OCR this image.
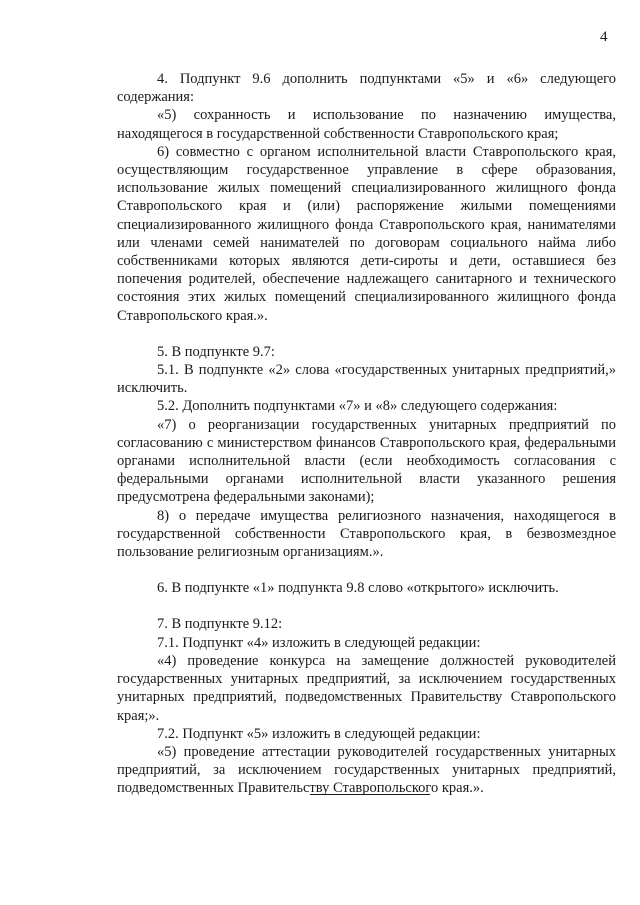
4

4. Подпункт 9.6 дополнить подпунктами «5» и «6» следующего содержания:

«5) сохранность и использование по назначению имущества, находящегося в государственной собственности Ставропольского края;

6) совместно с органом исполнительной власти Ставропольского края, осуществляющим государственное управление в сфере образования, использование жилых помещений специализированного жилищного фонда Ставропольского края и (или) распоряжение жилыми помещениями специализированного жилищного фонда Ставропольского края, нанимателями или членами семей нанимателей по договорам социального найма либо собственниками которых являются дети-сироты и дети, оставшиеся без попечения родителей, обеспечение надлежащего санитарного и технического состояния этих жилых помещений специализированного жилищного фонда Ставропольского края.».

5. В подпункте 9.7:

5.1. В подпункте «2» слова «государственных унитарных предприятий,» исключить.

5.2. Дополнить подпунктами «7» и «8» следующего содержания:

«7) о реорганизации государственных унитарных предприятий по согласованию с министерством финансов Ставропольского края, федеральными органами исполнительной власти (если необходимость согласования с федеральными органами исполнительной власти указанного решения предусмотрена федеральными законами);

8) о передаче имущества религиозного назначения, находящегося в государственной собственности Ставропольского края, в безвозмездное пользование религиозным организациям.».

6. В подпункте «1» подпункта 9.8 слово «открытого» исключить.

7. В подпункте 9.12:

7.1. Подпункт «4» изложить в следующей редакции:

«4) проведение конкурса на замещение должностей руководителей государственных унитарных предприятий, за исключением государственных унитарных предприятий, подведомственных Правительству Ставропольского края;».

7.2. Подпункт «5» изложить в следующей редакции:

«5) проведение аттестации руководителей государственных унитарных предприятий, за исключением государственных унитарных предприятий, подведомственных Правительству Ставропольского края.».
